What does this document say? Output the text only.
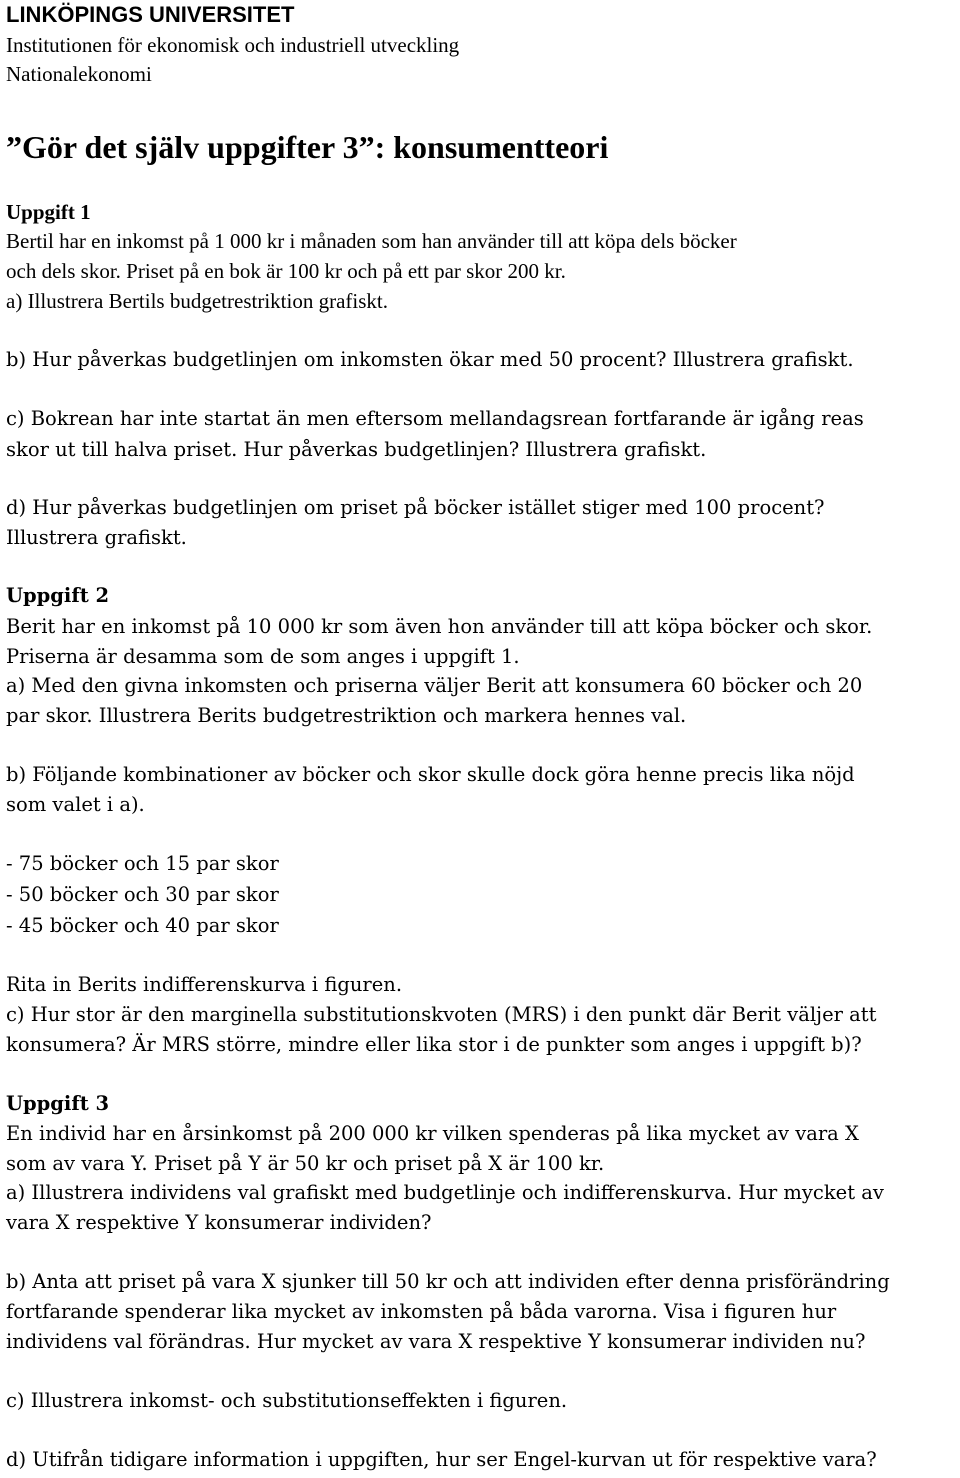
LINKÖPINGS UNIVERSITET
Institutionen för ekonomisk och industriell utveckling
Nationalekonomi
”Gör det själv uppgifter 3”: konsumentteori
Uppgift 1
Bertil har en inkomst på 1 000 kr i månaden som han använder till att köpa dels böcker
och dels skor. Priset på en bok är 100 kr och på ett par skor 200 kr.
a) Illustrera Bertils budgetrestriktion grafiskt.
b) Hur påverkas budgetlinjen om inkomsten ökar med 50 procent? Illustrera grafiskt.
c) Bokrean har inte startat än men eftersom mellandagsrean fortfarande är igång reas
skor ut till halva priset. Hur påverkas budgetlinjen? Illustrera grafiskt.
d) Hur påverkas budgetlinjen om priset på böcker istället stiger med 100 procent?
Illustrera grafiskt.
Uppgift 2
Berit har en inkomst på 10 000 kr som även hon använder till att köpa böcker och skor.
Priserna är desamma som de som anges i uppgift 1.
a) Med den givna inkomsten och priserna väljer Berit att konsumera 60 böcker och 20
par skor. Illustrera Berits budgetrestriktion och markera hennes val.
b) Följande kombinationer av böcker och skor skulle dock göra henne precis lika nöjd
som valet i a).
- 75 böcker och 15 par skor
- 50 böcker och 30 par skor
- 45 böcker och 40 par skor
Rita in Berits indifferenskurva i figuren.
c) Hur stor är den marginella substitutionskvoten (MRS) i den punkt där Berit väljer att
konsumera? Är MRS större, mindre eller lika stor i de punkter som anges i uppgift b)?
Uppgift 3
En individ har en årsinkomst på 200 000 kr vilken spenderas på lika mycket av vara X
som av vara Y. Priset på Y är 50 kr och priset på X är 100 kr.
a) Illustrera individens val grafiskt med budgetlinje och indifferenskurva. Hur mycket av
vara X respektive Y konsumerar individen?
b) Anta att priset på vara X sjunker till 50 kr och att individen efter denna prisförändring
fortfarande spenderar lika mycket av inkomsten på båda varorna. Visa i figuren hur
individens val förändras. Hur mycket av vara X respektive Y konsumerar individen nu?
c) Illustrera inkomst- och substitutionseffekten i figuren.
d) Utifrån tidigare information i uppgiften, hur ser Engel-kurvan ut för respektive vara?
